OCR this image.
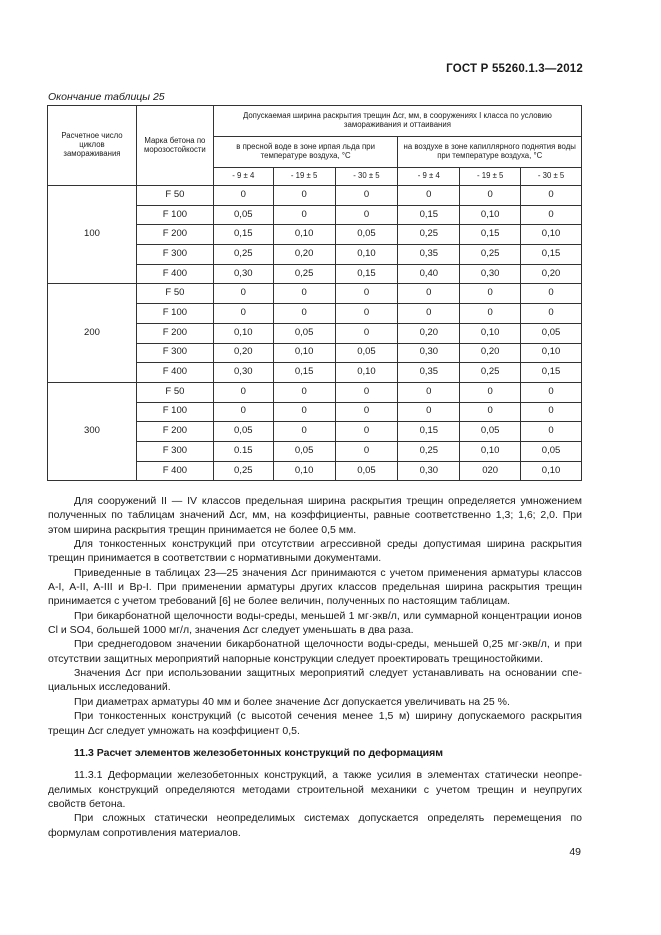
ГОСТ Р 55260.1.3—2012
Окончание таблицы 25
Расчетное число циклов замораживания	Марка бетона по морозостойкости	Допускаемая ширина раскрытия трещин Δcr, мм, в сооружениях I класса по условию замораживания и оттаивания					
		в пресной воде в зоне ирпая льда при температуре воздуха, °С			на воздухе в зоне капиллярного поднятия воды при температуре воздуха, °С		
		- 9 ± 4	- 19 ± 5	- 30 ± 5	- 9 ± 4	- 19 ± 5	- 30 ± 5
100	F 50	0	0	0	0	0	0
	F 100	0,05	0	0	0,15	0,10	0
	F 200	0,15	0,10	0,05	0,25	0,15	0,10
	F 300	0,25	0,20	0,10	0,35	0,25	0,15
	F 400	0,30	0,25	0,15	0,40	0,30	0,20
200	F 50	0	0	0	0	0	0
	F 100	0	0	0	0	0	0
	F 200	0,10	0,05	0	0,20	0,10	0,05
	F 300	0,20	0,10	0,05	0,30	0,20	0,10
	F 400	0,30	0,15	0,10	0,35	0,25	0,15
300	F 50	0	0	0	0	0	0
	F 100	0	0	0	0	0	0
	F 200	0,05	0	0	0,15	0,05	0
	F 300	0.15	0,05	0	0,25	0,10	0,05
	F 400	0,25	0,10	0,05	0,30	020	0,10

Для сооружений II — IV классов предельная ширина раскрытия трещин определяется умножением полученных по таблицам значений Δcr, мм, на коэффициенты, равные соответственно 1,3; 1,6; 2,0. При этом ширина раскрытия трещин принимается не более 0,5 мм.

Для тонкостенных конструкций при отсутствии агрессивной среды допустимая ширина раскрытия трещин принимается в соответствии с нормативными документами.

Приведенные в таблицах 23—25 значения Δcr принимаются с учетом применения арматуры классов A-I, A-II, A-III и Вр-I. При применении арматуры других классов предельная ширина раскрытия трещин принимается с учетом требований [6] не более величин, полученных по настоящим таблицам.

При бикарбонатной щелочности воды-среды, меньшей 1 мг·экв/л, или суммарной концентрации ионов Cl и SO4, большей 1000 мг/л, значения Δcr следует уменьшать в два раза.

При среднегодовом значении бикарбонатной щелочности воды-среды, меньшей 0,25 мг·экв/л, и при отсутствии защитных мероприятий напорные конструкции следует проектировать трещиностойкими.

Значения Δcr при использовании защитных мероприятий следует устанавливать на основании специальных исследований.

При диаметрах арматуры 40 мм и более значение Δcr допускается увеличивать на 25 %.

При тонкостенных конструкций (с высотой сечения менее 1,5 м) ширину допускаемого раскрытия трещин Δcr следует умножать на коэффициент 0,5.

11.3 Расчет элементов железобетонных конструкций по деформациям

11.3.1 Деформации железобетонных конструкций, а также усилия в элементах статически неопределимых конструкций определяются методами строительной механики с учетом трещин и неупругих свойств бетона.

При сложных статически неопределимых системах допускается определять перемещения по формулам сопротивления материалов.

49
